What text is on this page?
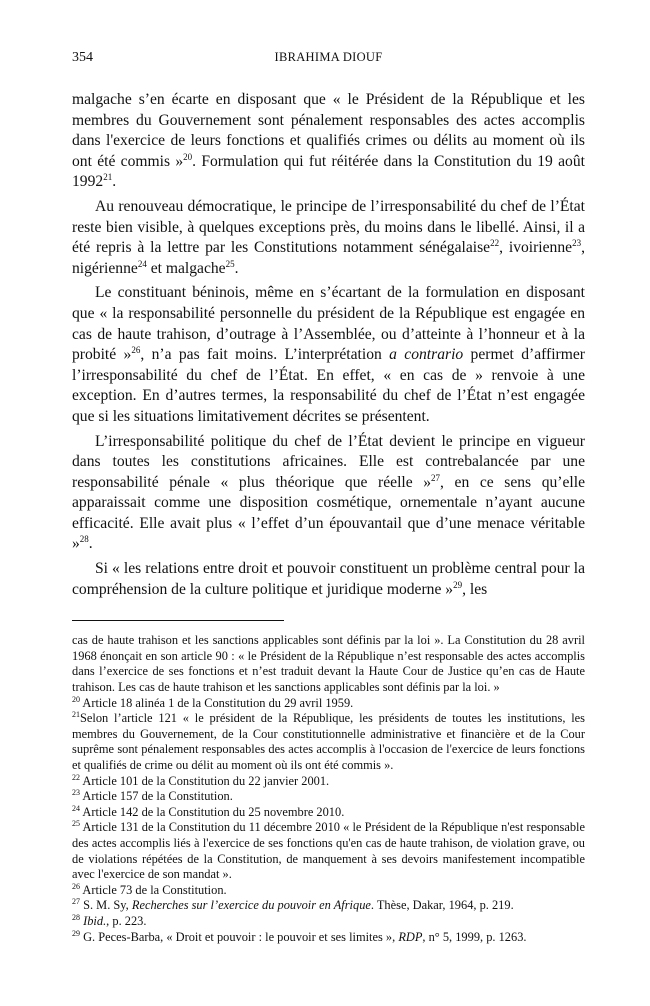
354	IBRAHIMA DIOUF

malgache s’en écarte en disposant que « le Président de la République et les membres du Gouvernement sont pénalement responsables des actes accomplis dans l'exercice de leurs fonctions et qualifiés crimes ou délits au moment où ils ont été commis »$^{20}$. Formulation qui fut réitérée dans la Constitution du 19 août 1992$^{21}$.

Au renouveau démocratique, le principe de l’irresponsabilité du chef de l’État reste bien visible, à quelques exceptions près, du moins dans le libellé. Ainsi, il a été repris à la lettre par les Constitutions notamment sénégalaise$^{22}$, ivoirienne$^{23}$, nigérienne$^{24}$ et malgache$^{25}$.

Le constituant béninois, même en s’écartant de la formulation en disposant que « la responsabilité personnelle du président de la République est engagée en cas de haute trahison, d’outrage à l’Assemblée, ou d’atteinte à l’honneur et à la probité »$^{26}$, n’a pas fait moins. L’interprétation a contrario permet d’affirmer l’irresponsabilité du chef de l’État. En effet, « en cas de » renvoie à une exception. En d’autres termes, la responsabilité du chef de l’État n’est engagée que si les situations limitativement décrites se présentent.

L’irresponsabilité politique du chef de l’État devient le principe en vigueur dans toutes les constitutions africaines. Elle est contrebalancée par une responsabilité pénale « plus théorique que réelle »$^{27}$, en ce sens qu’elle apparaissait comme une disposition cosmétique, ornementale n’ayant aucune efficacité. Elle avait plus « l’effet d’un épouvantail que d’une menace véritable »$^{28}$.

Si « les relations entre droit et pouvoir constituent un problème central pour la compréhension de la culture politique et juridique moderne »$^{29}$, les

cas de haute trahison et les sanctions applicables sont définis par la loi ». La Constitution du 28 avril 1968 énonçait en son article 90 : « le Président de la République n’est responsable des actes accomplis dans l’exercice de ses fonctions et n’est traduit devant la Haute Cour de Justice qu’en cas de Haute trahison. Les cas de haute trahison et les sanctions applicables sont définis par la loi. »

$^{20}$ Article 18 alinéa 1 de la Constitution du 29 avril 1959.

$^{21}$Selon l’article 121 « le président de la République, les présidents de toutes les institutions, les membres du Gouvernement, de la Cour constitutionnelle administrative et financière et de la Cour suprême sont pénalement responsables des actes accomplis à l'occasion de l'exercice de leurs fonctions et qualifiés de crime ou délit au moment où ils ont été commis ».

$^{22}$ Article 101 de la Constitution du 22 janvier 2001.

$^{23}$ Article 157 de la Constitution.

$^{24}$ Article 142 de la Constitution du 25 novembre 2010.

$^{25}$ Article 131 de la Constitution du 11 décembre 2010 « le Président de la République n'est responsable des actes accomplis liés à l'exercice de ses fonctions qu'en cas de haute trahison, de violation grave, ou de violations répétées de la Constitution, de manquement à ses devoirs manifestement incompatible avec l'exercice de son mandat ».

$^{26}$ Article 73 de la Constitution.

$^{27}$ S. M. Sy, Recherches sur l’exercice du pouvoir en Afrique. Thèse, Dakar, 1964, p. 219.

$^{28}$ Ibid., p. 223.

$^{29}$ G. Peces-Barba, « Droit et pouvoir : le pouvoir et ses limites », RDP, n° 5, 1999, p. 1263.
